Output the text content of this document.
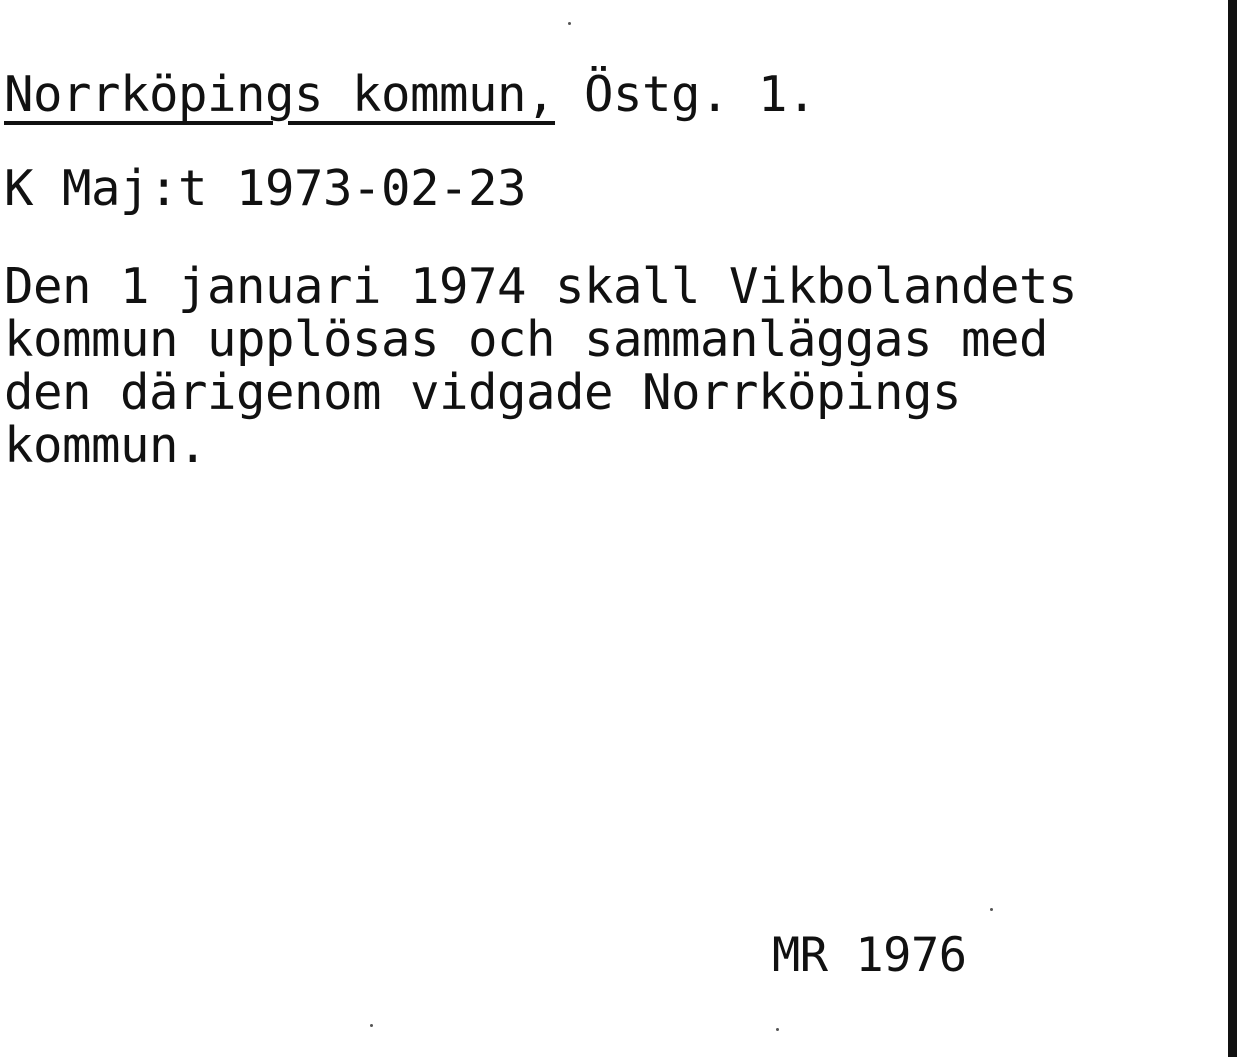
Norrköpings kommun, Östg. 1.

K Maj:t 1973-02-23

Den 1 januari 1974 skall Vikbolandets
kommun upplösas och sammanläggas med
den därigenom vidgade Norrköpings
kommun.

MR 1976
